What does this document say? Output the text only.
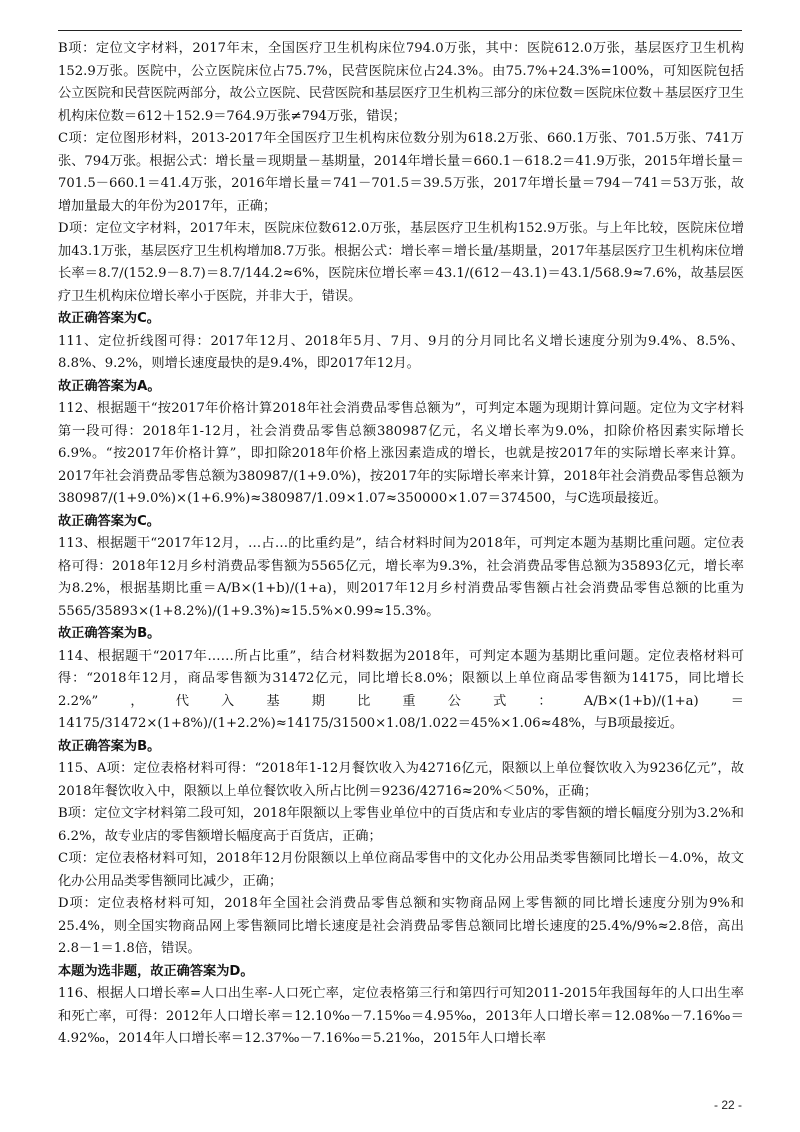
B项：定位文字材料，2017年末，全国医疗卫生机构床位794.0万张，其中：医院612.0万张，基层医疗卫生机构152.9万张。医院中，公立医院床位占75.7%，民营医院床位占24.3%。由75.7%+24.3%=100%，可知医院包括公立医院和民营医院两部分，故公立医院、民营医院和基层医疗卫生机构三部分的床位数＝医院床位数＋基层医疗卫生机构床位数＝612＋152.9＝764.9万张≠794万张，错误；

C项：定位图形材料，2013-2017年全国医疗卫生机构床位数分别为618.2万张、660.1万张、701.5万张、741万张、794万张。根据公式：增长量＝现期量－基期量，2014年增长量＝660.1－618.2＝41.9万张，2015年增长量＝701.5－660.1＝41.4万张，2016年增长量＝741－701.5＝39.5万张，2017年增长量＝794－741＝53万张，故增加量最大的年份为2017年，正确；

D项：定位文字材料，2017年末，医院床位数612.0万张，基层医疗卫生机构152.9万张。与上年比较，医院床位增加43.1万张，基层医疗卫生机构增加8.7万张。根据公式：增长率＝增长量/基期量，2017年基层医疗卫生机构床位增长率＝8.7/(152.9－8.7)＝8.7/144.2≈6%，医院床位增长率＝43.1/(612－43.1)＝43.1/568.9≈7.6%，故基层医疗卫生机构床位增长率小于医院，并非大于，错误。

故正确答案为C。

111、定位折线图可得：2017年12月、2018年5月、7月、9月的分月同比名义增长速度分别为9.4%、8.5%、8.8%、9.2%，则增长速度最快的是9.4%，即2017年12月。

故正确答案为A。

112、根据题干“按2017年价格计算2018年社会消费品零售总额为”，可判定本题为现期计算问题。定位为文字材料第一段可得：2018年1-12月，社会消费品零售总额380987亿元，名义增长率为9.0%，扣除价格因素实际增长6.9%。“按2017年价格计算”，即扣除2018年价格上涨因素造成的增长，也就是按2017年的实际增长率来计算。2017年社会消费品零售总额为380987/(1+9.0%)，按2017年的实际增长率来计算，2018年社会消费品零售总额为380987/(1+9.0%)×(1+6.9%)≈380987/1.09×1.07≈350000×1.07＝374500，与C选项最接近。

故正确答案为C。

113、根据题干“2017年12月，…占…的比重约是”，结合材料时间为2018年，可判定本题为基期比重问题。定位表格可得：2018年12月乡村消费品零售额为5565亿元，增长率为9.3%，社会消费品零售总额为35893亿元，增长率为8.2%，根据基期比重＝A/B×(1+b)/(1+a)，则2017年12月乡村消费品零售额占社会消费品零售总额的比重为5565/35893×(1+8.2%)/(1+9.3%)≈15.5%×0.99≈15.3%。

故正确答案为B。

114、根据题干“2017年……所占比重”，结合材料数据为2018年，可判定本题为基期比重问题。定位表格材料可得：“2018年12月，商品零售额为31472亿元，同比增长8.0%；限额以上单位商品零售额为14175，同比增长2.2%”，代入基期比重公式：A/B×(1+b)/(1+a)＝14175/31472×(1+8%)/(1+2.2%)≈14175/31500×1.08/1.022＝45%×1.06≈48%，与B项最接近。

故正确答案为B。

115、A项：定位表格材料可得：“2018年1-12月餐饮收入为42716亿元，限额以上单位餐饮收入为9236亿元”，故2018年餐饮收入中，限额以上单位餐饮收入所占比例＝9236/42716≈20%＜50%，正确；

B项：定位文字材料第二段可知，2018年限额以上零售业单位中的百货店和专业店的零售额的增长幅度分别为3.2%和6.2%，故专业店的零售额增长幅度高于百货店，正确；

C项：定位表格材料可知，2018年12月份限额以上单位商品零售中的文化办公用品类零售额同比增长－4.0%，故文化办公用品类零售额同比减少，正确；

D项：定位表格材料可知，2018年全国社会消费品零售总额和实物商品网上零售额的同比增长速度分别为9%和25.4%，则全国实物商品网上零售额同比增长速度是社会消费品零售总额同比增长速度的25.4%/9%≈2.8倍，高出2.8－1＝1.8倍，错误。

本题为选非题，故正确答案为D。

116、根据人口增长率=人口出生率-人口死亡率，定位表格第三行和第四行可知2011-2015年我国每年的人口出生率和死亡率，可得：2012年人口增长率＝12.10‰－7.15‰＝4.95‰，2013年人口增长率＝12.08‰－7.16‰＝4.92‰，2014年人口增长率＝12.37‰－7.16‰＝5.21‰，2015年人口增长率

- 22 -
